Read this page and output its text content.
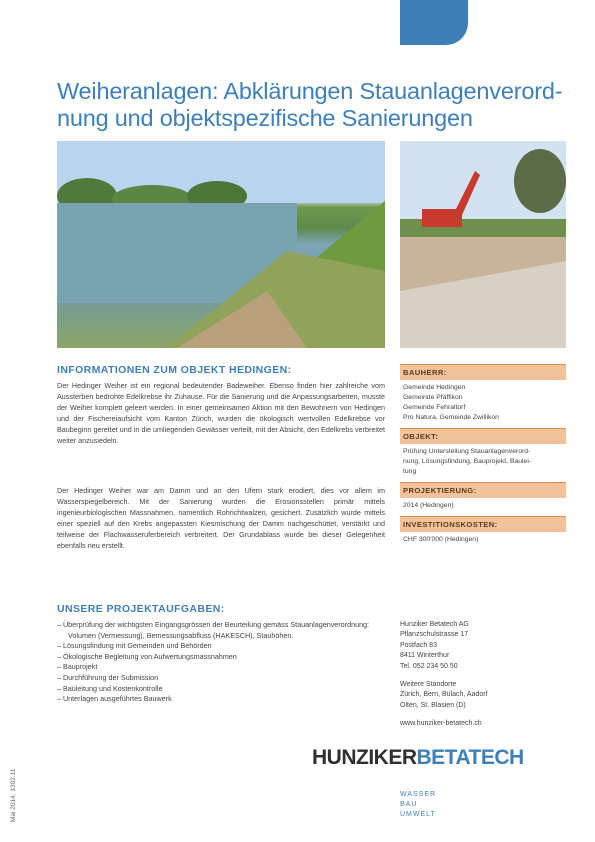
Weiheranlagen: Abklärungen Stauanlagenverord-nung und objektspezifische Sanierungen
INFORMATIONEN ZUM OBJEKT HEDINGEN:

Der Hedinger Weiher ist ein regional bedeutender Badeweiher. Ebenso finden hier zahlreiche vom Aussterben bedrohte Edelkrebse ihr Zuhause. Für die Sanierung und die Anpassungsarbeiten, musste der Weiher komplett geleert werden. In einer gemeinsamen Aktion mit den Bewohnern von Hedingen und der Fischereiaufsicht vom Kanton Zürich, wurden die ökologisch wertvollen Edelkrebse vor Baubeginn gerettet und in die umliegenden Gewässer verteilt, mit der Absicht, den Edelkrebs verbreitet weiter anzusiedeln.

Der Hedinger Weiher war am Damm und an den Ufern stark erodiert, dies vor allem im Wasserspiegelbereich. Mit der Sanierung wurden die Erosionsstellen primär mittels ingenieurbiologischen Massnahmen, namentlich Rohrichtwalzen, gesichert. Zusätzlich wurde mittels einer speziell auf den Krebs angepassten Kiesmischung der Damm nachgeschüttet, verstärkt und teilweise der Flachwasseruferbereich verbreitert. Der Grundablass wurde bei dieser Gelegenheit ebenfalls neu erstellt.

BAUHERR:
Gemeinde Hedingen
Gemeinde Pfäffikon
Gemeinde Fehraltorf
Pro Natura, Gemeinde Zwillikon
OBJEKT:
Prüfung Unterstellung Stauanlagenverord-
nung, Lösungsfindung, Bauprojekt, Baulei-
tung
PROJEKTIERUNG:
2014 (Hedingen)
INVESTITIONSKOSTEN:
CHF 300'000 (Hedingen)
UNSERE PROJEKTAUFGABEN:
– Überprüfung der wichtigsten Eingangsgrössen der Beurteilung gemäss Stauanlagenverordnung: Volumen (Vermessung), Bemessungsabfluss (HAKESCH), Stauhöhen.
– Lösungsfindung mit Gemeinden und Behörden
– Ökologische Begleitung von Aufwertungsmassnahmen
– Bauprojekt
– Durchführung der Submission
– Bauleitung und Kostenkontrolle
– Unterlagen ausgeführtes Bauwerk
Hunziker Betatech AG
Pflanzschulstrasse 17
Postfach 83
8411 Winterthur
Tel. 052 234 50 50
Weitere Standorte
Zürich, Bern, Bülach, Aadorf
Olten, St. Blasien (D)
www.hunziker-betatech.ch
HUNZIKERBETATECH
WASSER
BAU
UMWELT
Mai 2014, 1302.11
